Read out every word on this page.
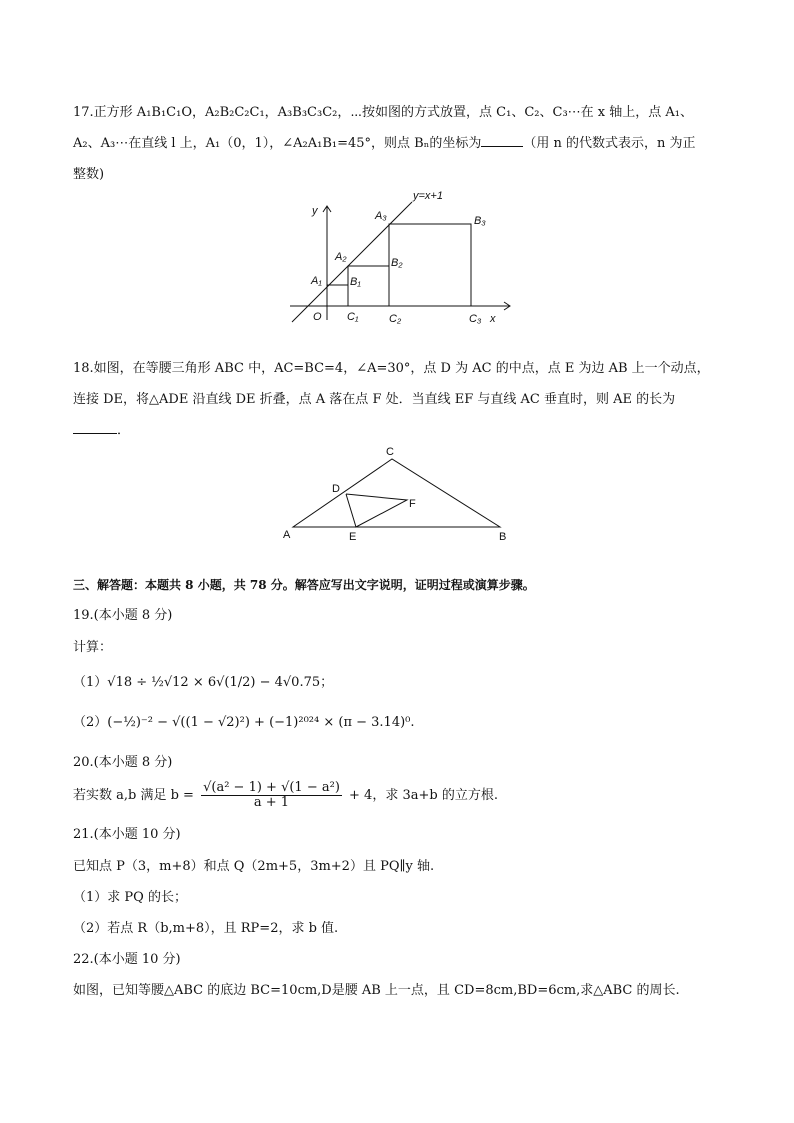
17.正方形 A₁B₁C₁O，A₂B₂C₂C₁，A₃B₃C₃C₂，⋯按如图的方式放置，点 C₁、C₂、C₃⋯在 x 轴上，点 A₁、
A₂、A₃⋯在直线 l 上，A₁（0，1），∠A₂A₁B₁=45°，则点 Bₙ的坐标为	（用 n 的代数式表示，n 为正
整数)
y=x+1
y
x
O
A₁
A₂
A₃
B₁
B₂
B₃
C₁	C₂	C₃
18.如图，在等腰三角形 ABC 中，AC=BC=4，∠A=30°，点 D 为 AC 的中点，点 E 为边 AB 上一个动点，
连接 DE，将△ADE 沿直线 DE 折叠，点 A 落在点 F 处．当直线 EF 与直线 AC 垂直时，则 AE 的长为
．
C
D
F
A	E	B
三、解答题：本题共 8 小题，共 78 分。解答应写出文字说明，证明过程或演算步骤。
19.(本小题 8 分)
计算：
（1）√18 ÷ ½√12 × 6√(1/2) − 4√0.75；
（2）(−½)⁻² − √((1 − √2)²) + (−1)²⁰²⁴ × (π − 3.14)⁰.
20.(本小题 8 分)
若实数 a,b 满足 $b = \frac{\text{√(a² − 1) + √(1 − a²)}}{a + 1} + 4$，求 3a+b 的立方根.
21.(本小题 10 分)
已知点 P（3，m+8）和点 Q（2m+5，3m+2）且 PQ∥y 轴.
（1）求 PQ 的长；
（2）若点 R（b,m+8），且 RP=2，求 b 值.
22.(本小题 10 分)
如图，已知等腰△ABC 的底边 BC=10cm,D是腰 AB 上一点，且 CD=8cm,BD=6cm,求△ABC 的周长.
